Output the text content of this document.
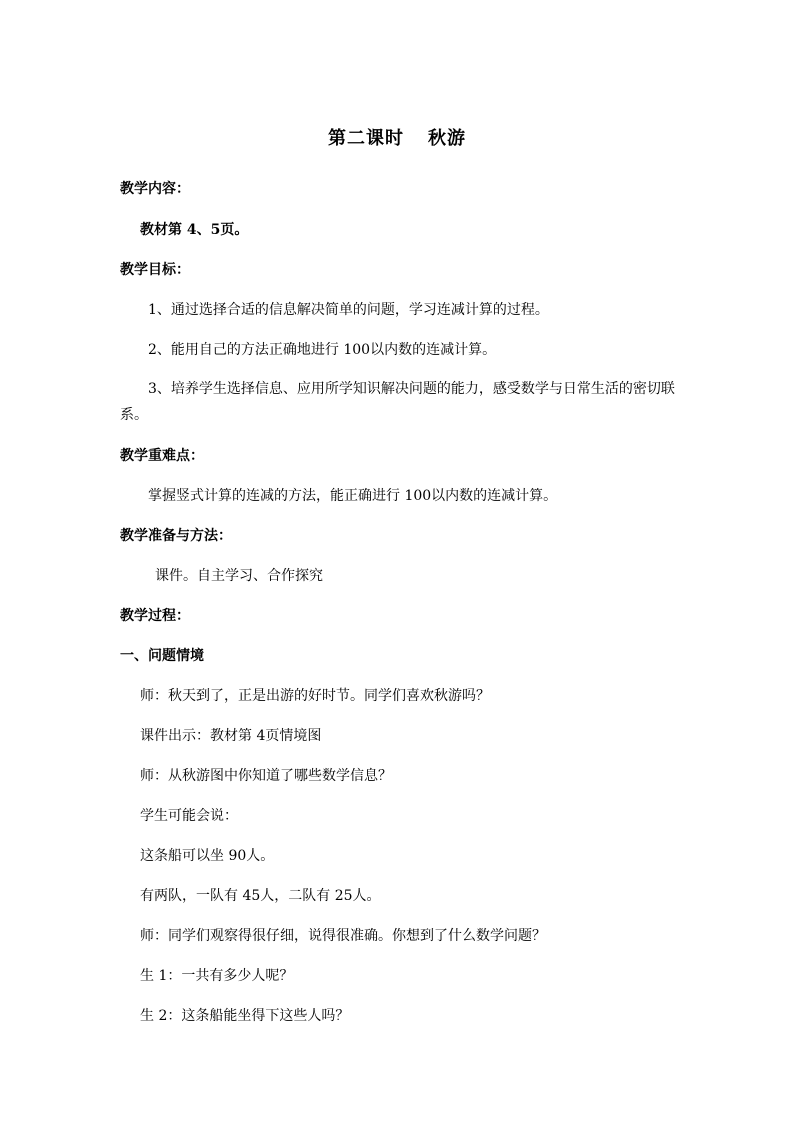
第二课时 秋游
教学内容：
教材第 4、5页。
教学目标：
1、通过选择合适的信息解决简单的问题，学习连减计算的过程。
2、能用自己的方法正确地进行 100以内数的连减计算。
3、培养学生选择信息、应用所学知识解决问题的能力，感受数学与日常生活的密切联系。
教学重难点：
掌握竖式计算的连减的方法，能正确进行 100以内数的连减计算。
教学准备与方法：
课件。自主学习、合作探究
教学过程：
一、问题情境
师：秋天到了，正是出游的好时节。同学们喜欢秋游吗？
课件出示：教材第 4页情境图
师：从秋游图中你知道了哪些数学信息？
学生可能会说：
这条船可以坐 90人。
有两队，一队有 45人，二队有 25人。
师：同学们观察得很仔细，说得很准确。你想到了什么数学问题？
生 1：一共有多少人呢？
生 2：这条船能坐得下这些人吗？
